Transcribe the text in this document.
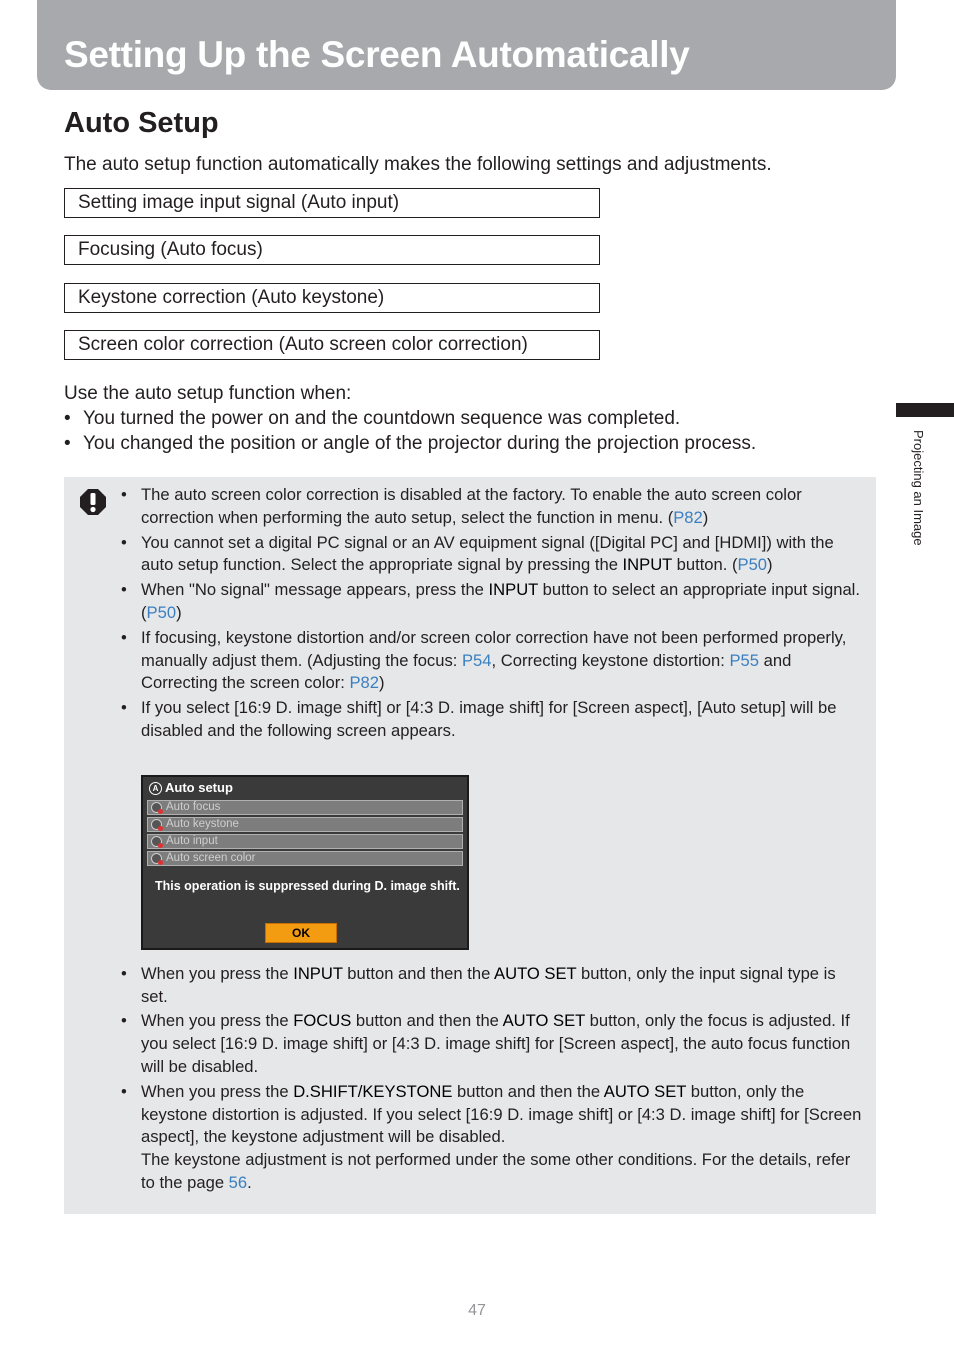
Setting Up the Screen Automatically
Auto Setup
The auto setup function automatically makes the following settings and adjustments.
Setting image input signal (Auto input)
Focusing (Auto focus)
Keystone correction (Auto keystone)
Screen color correction (Auto screen color correction)
Use the auto setup function when:
• You turned the power on and the countdown sequence was completed.
• You changed the position or angle of the projector during the projection process.
• The auto screen color correction is disabled at the factory. To enable the auto screen color correction when performing the auto setup, select the function in menu. (P82)
• You cannot set a digital PC signal or an AV equipment signal ([Digital PC] and [HDMI]) with the auto setup function. Select the appropriate signal by pressing the INPUT button. (P50)
• When "No signal" message appears, press the INPUT button to select an appropriate input signal. (P50)
• If focusing, keystone distortion and/or screen color correction have not been performed properly, manually adjust them. (Adjusting the focus: P54, Correcting keystone distortion: P55 and Correcting the screen color: P82)
• If you select [16:9 D. image shift] or [4:3 D. image shift] for [Screen aspect], [Auto setup] will be disabled and the following screen appears.
• When you press the INPUT button and then the AUTO SET button, only the input signal type is set.
• When you press the FOCUS button and then the AUTO SET button, only the focus is adjusted. If you select [16:9 D. image shift] or [4:3 D. image shift] for [Screen aspect], the auto focus function will be disabled.
• When you press the D.SHIFT/KEYSTONE button and then the AUTO SET button, only the keystone distortion is adjusted. If you select [16:9 D. image shift] or [4:3 D. image shift] for [Screen aspect], the keystone adjustment will be disabled.
The keystone adjustment is not performed under the some other conditions. For the details, refer to the page 56.
A Auto setup
Auto focus
Auto keystone
Auto input
Auto screen color
This operation is suppressed during D. image shift.
OK
Projecting an Image
47
